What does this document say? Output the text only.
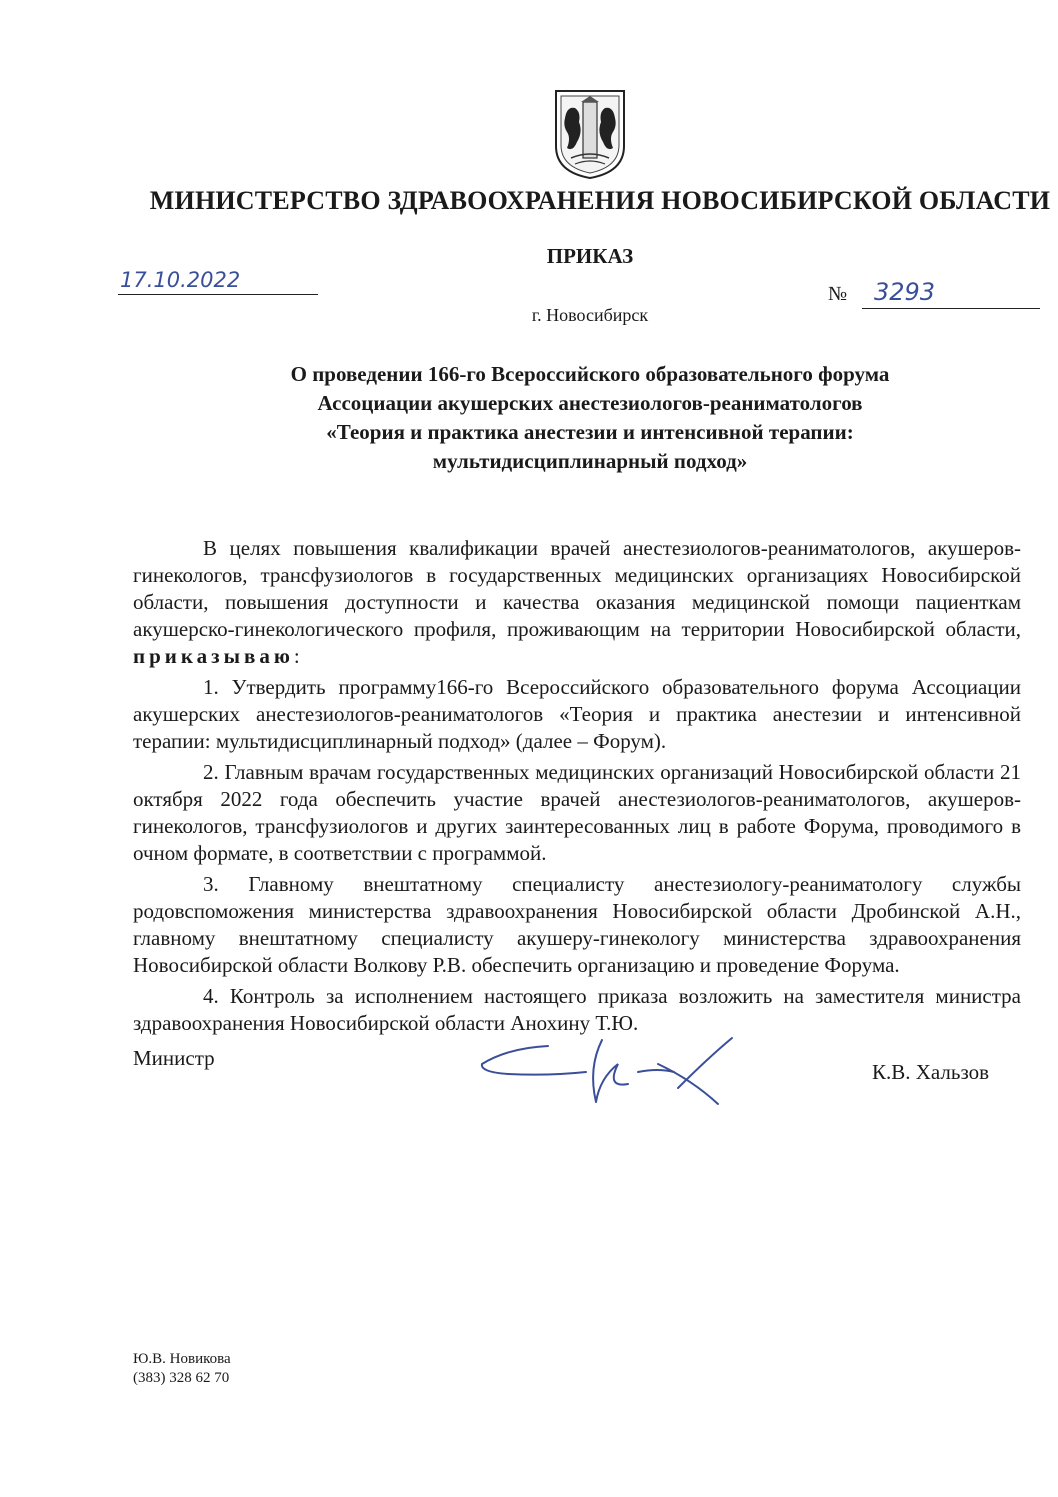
МИНИСТЕРСТВО ЗДРАВООХРАНЕНИЯ НОВОСИБИРСКОЙ ОБЛАСТИ
ПРИКАЗ
17.10.2022
№ 3293
г. Новосибирск
О проведении 166-го Всероссийского образовательного форума
Ассоциации акушерских анестезиологов-реаниматологов
«Теория и практика анестезии и интенсивной терапии:
мультидисциплинарный подход»

В целях повышения квалификации врачей анестезиологов-реаниматологов, акушеров-гинекологов, трансфузиологов в государственных медицинских организациях Новосибирской области, повышения доступности и качества оказания медицинской помощи пациенткам акушерско-гинекологического профиля, проживающим на территории Новосибирской области, приказываю:

1. Утвердить программу166-го Всероссийского образовательного форума Ассоциации акушерских анестезиологов-реаниматологов «Теория и практика анестезии и интенсивной терапии: мультидисциплинарный подход» (далее – Форум).

2. Главным врачам государственных медицинских организаций Новосибирской области 21 октября 2022 года обеспечить участие врачей анестезиологов-реаниматологов, акушеров-гинекологов, трансфузиологов и других заинтересованных лиц в работе Форума, проводимого в очном формате, в соответствии с программой.

3. Главному внештатному специалисту анестезиологу-реаниматологу службы родовспоможения министерства здравоохранения Новосибирской области Дробинской А.Н., главному внештатному специалисту акушеру-гинекологу министерства здравоохранения Новосибирской области Волкову Р.В. обеспечить организацию и проведение Форума.

4. Контроль за исполнением настоящего приказа возложить на заместителя министра здравоохранения Новосибирской области Анохину Т.Ю.

Министр
К.В. Хальзов
Ю.В. Новикова
(383) 328 62 70
